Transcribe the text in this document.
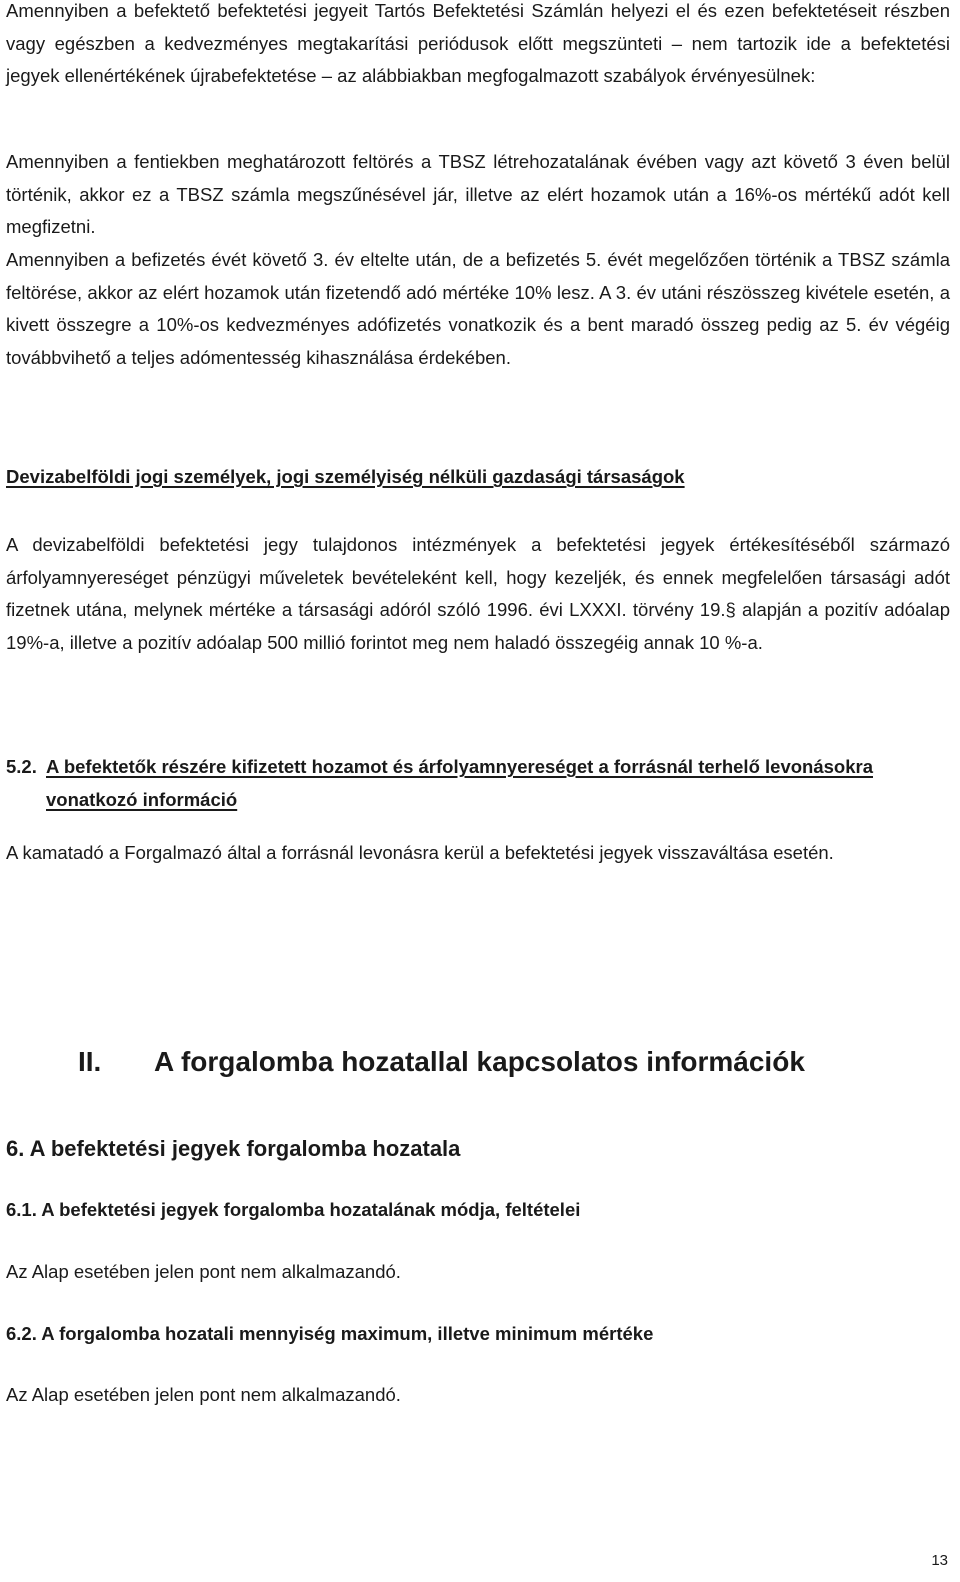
Amennyiben a befektető befektetési jegyeit Tartós Befektetési Számlán helyezi el és ezen befektetéseit részben vagy egészben a kedvezményes megtakarítási periódusok előtt megszünteti – nem tartozik ide a befektetési jegyek ellenértékének újrabefektetése – az alábbiakban megfogalmazott szabályok érvényesülnek:
Amennyiben a fentiekben meghatározott feltörés a TBSZ létrehozatalának évében vagy azt követő 3 éven belül történik, akkor ez a TBSZ számla megszűnésével jár, illetve az elért hozamok után a 16%-os mértékű adót kell megfizetni.
Amennyiben a befizetés évét követő 3. év eltelte után, de a befizetés 5. évét megelőzően történik a TBSZ számla feltörése, akkor az elért hozamok után fizetendő adó mértéke 10% lesz. A 3. év utáni részösszeg kivétele esetén, a kivett összegre a 10%-os kedvezményes adófizetés vonatkozik és a bent maradó összeg pedig az 5. év végéig továbbvihető a teljes adómentesség kihasználása érdekében.
Devizabelföldi jogi személyek, jogi személyiség nélküli gazdasági társaságok
A devizabelföldi befektetési jegy tulajdonos intézmények a befektetési jegyek értékesítéséből származó árfolyamnyereséget pénzügyi műveletek bevételeként kell, hogy kezeljék, és ennek megfelelően társasági adót fizetnek utána, melynek mértéke a társasági adóról szóló 1996. évi LXXXI. törvény 19.§ alapján a pozitív adóalap 19%-a, illetve a pozitív adóalap 500 millió forintot meg nem haladó összegéig annak 10 %-a.
5.2. A befektetők részére kifizetett hozamot és árfolyamnyereséget a forrásnál terhelő levonásokra vonatkozó információ
A kamatadó a Forgalmazó által a forrásnál levonásra kerül a befektetési jegyek visszaváltása esetén.
II. A forgalomba hozatallal kapcsolatos információk
6. A befektetési jegyek forgalomba hozatala
6.1. A befektetési jegyek forgalomba hozatalának módja, feltételei
Az Alap esetében jelen pont nem alkalmazandó.
6.2. A forgalomba hozatali mennyiség maximum, illetve minimum mértéke
Az Alap esetében jelen pont nem alkalmazandó.
13
